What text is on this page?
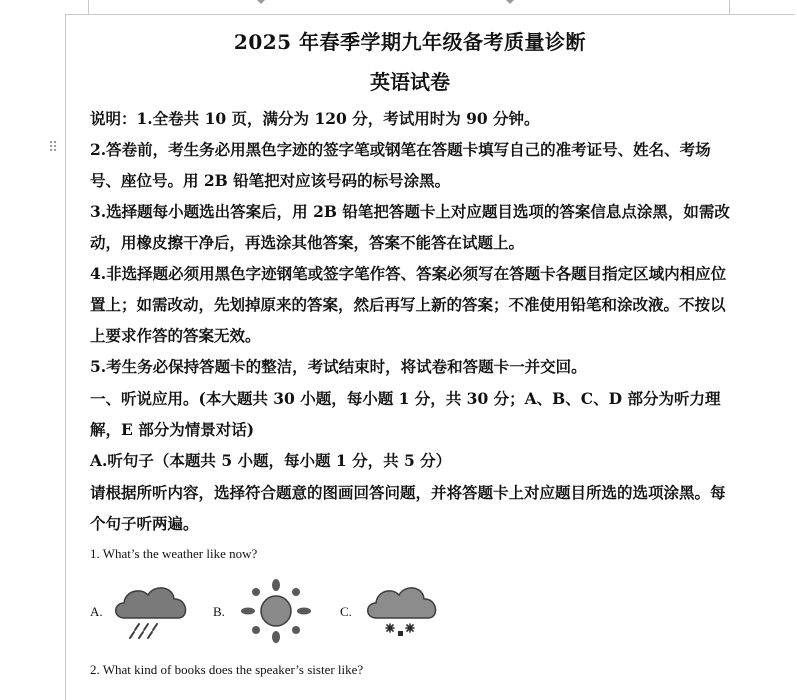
⠿
2025 年春季学期九年级备考质量诊断
英语试卷

说明：1.全卷共 10 页，满分为 120 分，考试用时为 90 分钟。

2.答卷前，考生务必用黑色字迹的签字笔或钢笔在答题卡填写自己的准考证号、姓名、考场号、座位号。用 2B 铅笔把对应该号码的标号涂黑。

3.选择题每小题选出答案后，用 2B 铅笔把答题卡上对应题目选项的答案信息点涂黑，如需改动，用橡皮擦干净后，再选涂其他答案，答案不能答在试题上。

4.非选择题必须用黑色字迹钢笔或签字笔作答、答案必须写在答题卡各题目指定区域内相应位置上；如需改动，先划掉原来的答案，然后再写上新的答案；不准使用铅笔和涂改液。不按以上要求作答的答案无效。

5.考生务必保持答题卡的整洁，考试结束时，将试卷和答题卡一并交回。

一、听说应用。(本大题共 30 小题，每小题 1 分，共 30 分；A、B、C、D 部分为听力理解，E 部分为情景对话)

A.听句子（本题共 5 小题，每小题 1 分，共 5 分）

请根据所听内容，选择符合题意的图画回答问题，并将答题卡上对应题目所选的选项涂黑。每个句子听两遍。

1. What’s the weather like now?
A.	B.	C.
2. What kind of books does the speaker’s sister like?
